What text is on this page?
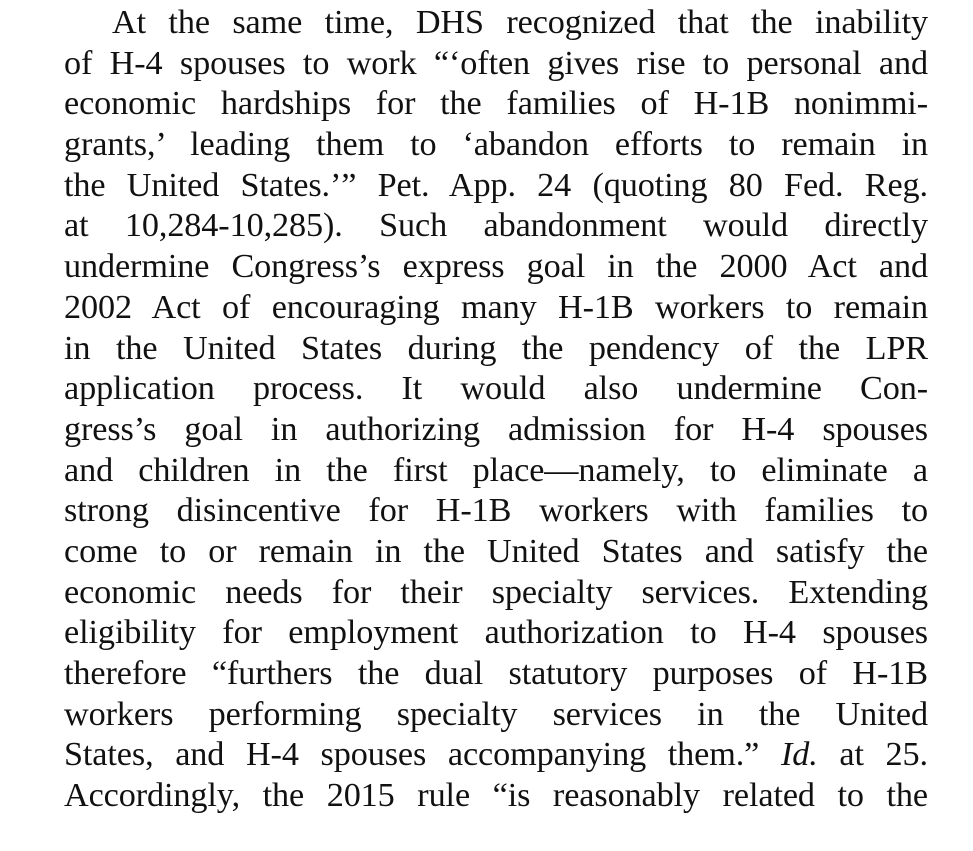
At the same time, DHS recognized that the inability
of H-4 spouses to work “‘often gives rise to personal and
economic hardships for the families of H-1B nonimmi-
grants,’ leading them to ‘abandon efforts to remain in
the United States.’” Pet. App. 24 (quoting 80 Fed. Reg.
at 10,284-10,285). Such abandonment would directly
undermine Congress’s express goal in the 2000 Act and
2002 Act of encouraging many H-1B workers to remain
in the United States during the pendency of the LPR
application process. It would also undermine Con-
gress’s goal in authorizing admission for H-4 spouses
and children in the first place—namely, to eliminate a
strong disincentive for H-1B workers with families to
come to or remain in the United States and satisfy the
economic needs for their specialty services. Extending
eligibility for employment authorization to H-4 spouses
therefore “furthers the dual statutory purposes of H-1B
workers performing specialty services in the United
States, and H-4 spouses accompanying them.” Id. at 25.
Accordingly, the 2015 rule “is reasonably related to the
